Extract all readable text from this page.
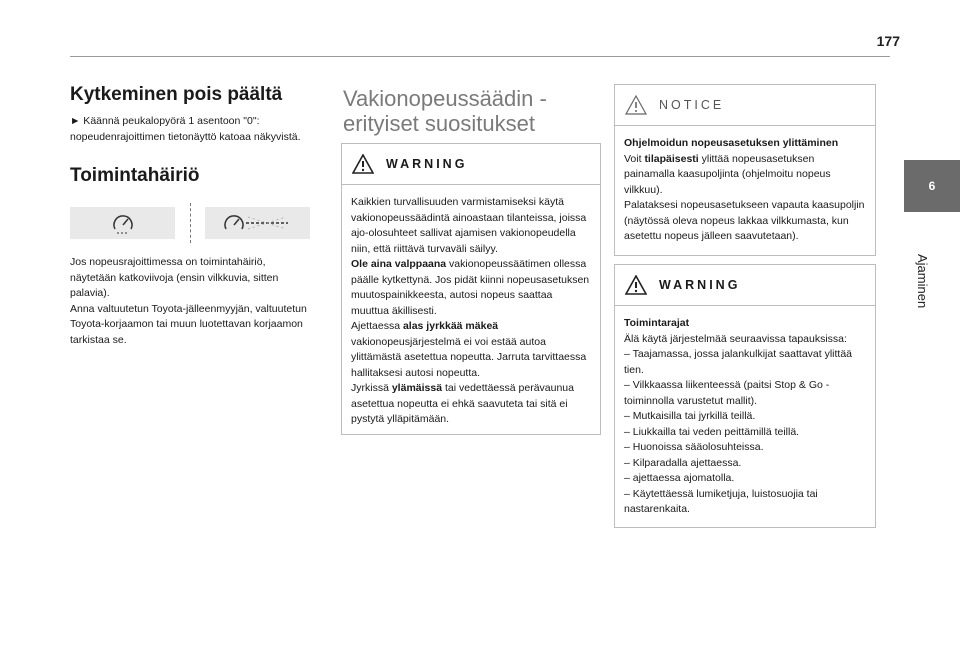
177
6
Ajaminen
Kytkeminen pois päältä

► Käännä peukalopyörä 1 asentoon "0": nopeudenrajoittimen tietonäyttö katoaa näkyvistä.

Toimintahäiriö

Jos nopeusrajoittimessa on toimintahäiriö, näytetään katkoviivoja (ensin vilkkuvia, sitten palavia).

Anna valtuutetun Toyota-jälleenmyyjän, valtuutetun Toyota-korjaamon tai muun luotettavan korjaamon tarkistaa se.

Vakionopeussäädin -
erityiset suositukset
WARNING
Kaikkien turvallisuuden varmistamiseksi käytä vakionopeussäädintä ainoastaan tilanteissa, joissa ajo-olosuhteet sallivat ajamisen vakionopeudella niin, että riittävä turvaväli säilyy.
Ole aina valppaana vakionopeussäätimen ollessa päälle kytkettynä. Jos pidät kiinni nopeusasetuksen muutospainikkeesta, autosi nopeus saattaa muuttua äkillisesti.
Ajettaessa alas jyrkkää mäkeä vakionopeusjärjestelmä ei voi estää autoa ylittämästä asetettua nopeutta. Jarruta tarvittaessa hallitaksesi autosi nopeutta.
Jyrkissä ylämäissä tai vedettäessä perävaunua asetettua nopeutta ei ehkä saavuteta tai sitä ei pystytä ylläpitämään.
NOTICE
Ohjelmoidun nopeusasetuksen ylittäminen
Voit tilapäisesti ylittää nopeusasetuksen painamalla kaasupoljinta (ohjelmoitu nopeus vilkkuu).
Palataksesi nopeusasetukseen vapauta kaasupoljin (näytössä oleva nopeus lakkaa vilkkumasta, kun asetettu nopeus jälleen saavutetaan).
WARNING
Toimintarajat
Älä käytä järjestelmää seuraavissa tapauksissa:
– Taajamassa, jossa jalankulkijat saattavat ylittää tien.
– Vilkkaassa liikenteessä (paitsi Stop & Go -toiminnolla varustetut mallit).
– Mutkaisilla tai jyrkillä teillä.
– Liukkailla tai veden peittämillä teillä.
– Huonoissa sääolosuhteissa.
– Kilparadalla ajettaessa.
– ajettaessa ajomatolla.
– Käytettäessä lumiketjuja, luistosuojia tai nastarenkaita.
